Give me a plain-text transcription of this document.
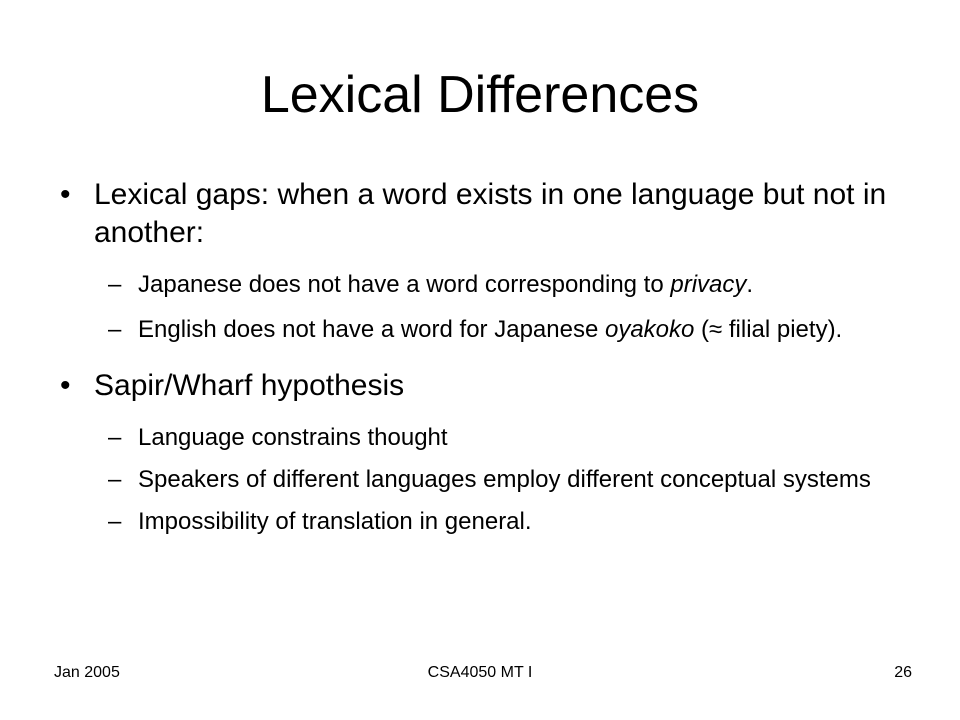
Lexical Differences

• Lexical gaps: when a word exists in one language but not in another:

– Japanese does not have a word corresponding to privacy.

– English does not have a word for Japanese oyakoko (≈ filial piety).

• Sapir/Wharf hypothesis

– Language constrains thought

– Speakers of different languages employ different conceptual systems

– Impossibility of translation in general.

Jan 2005	CSA4050 MT I	26
